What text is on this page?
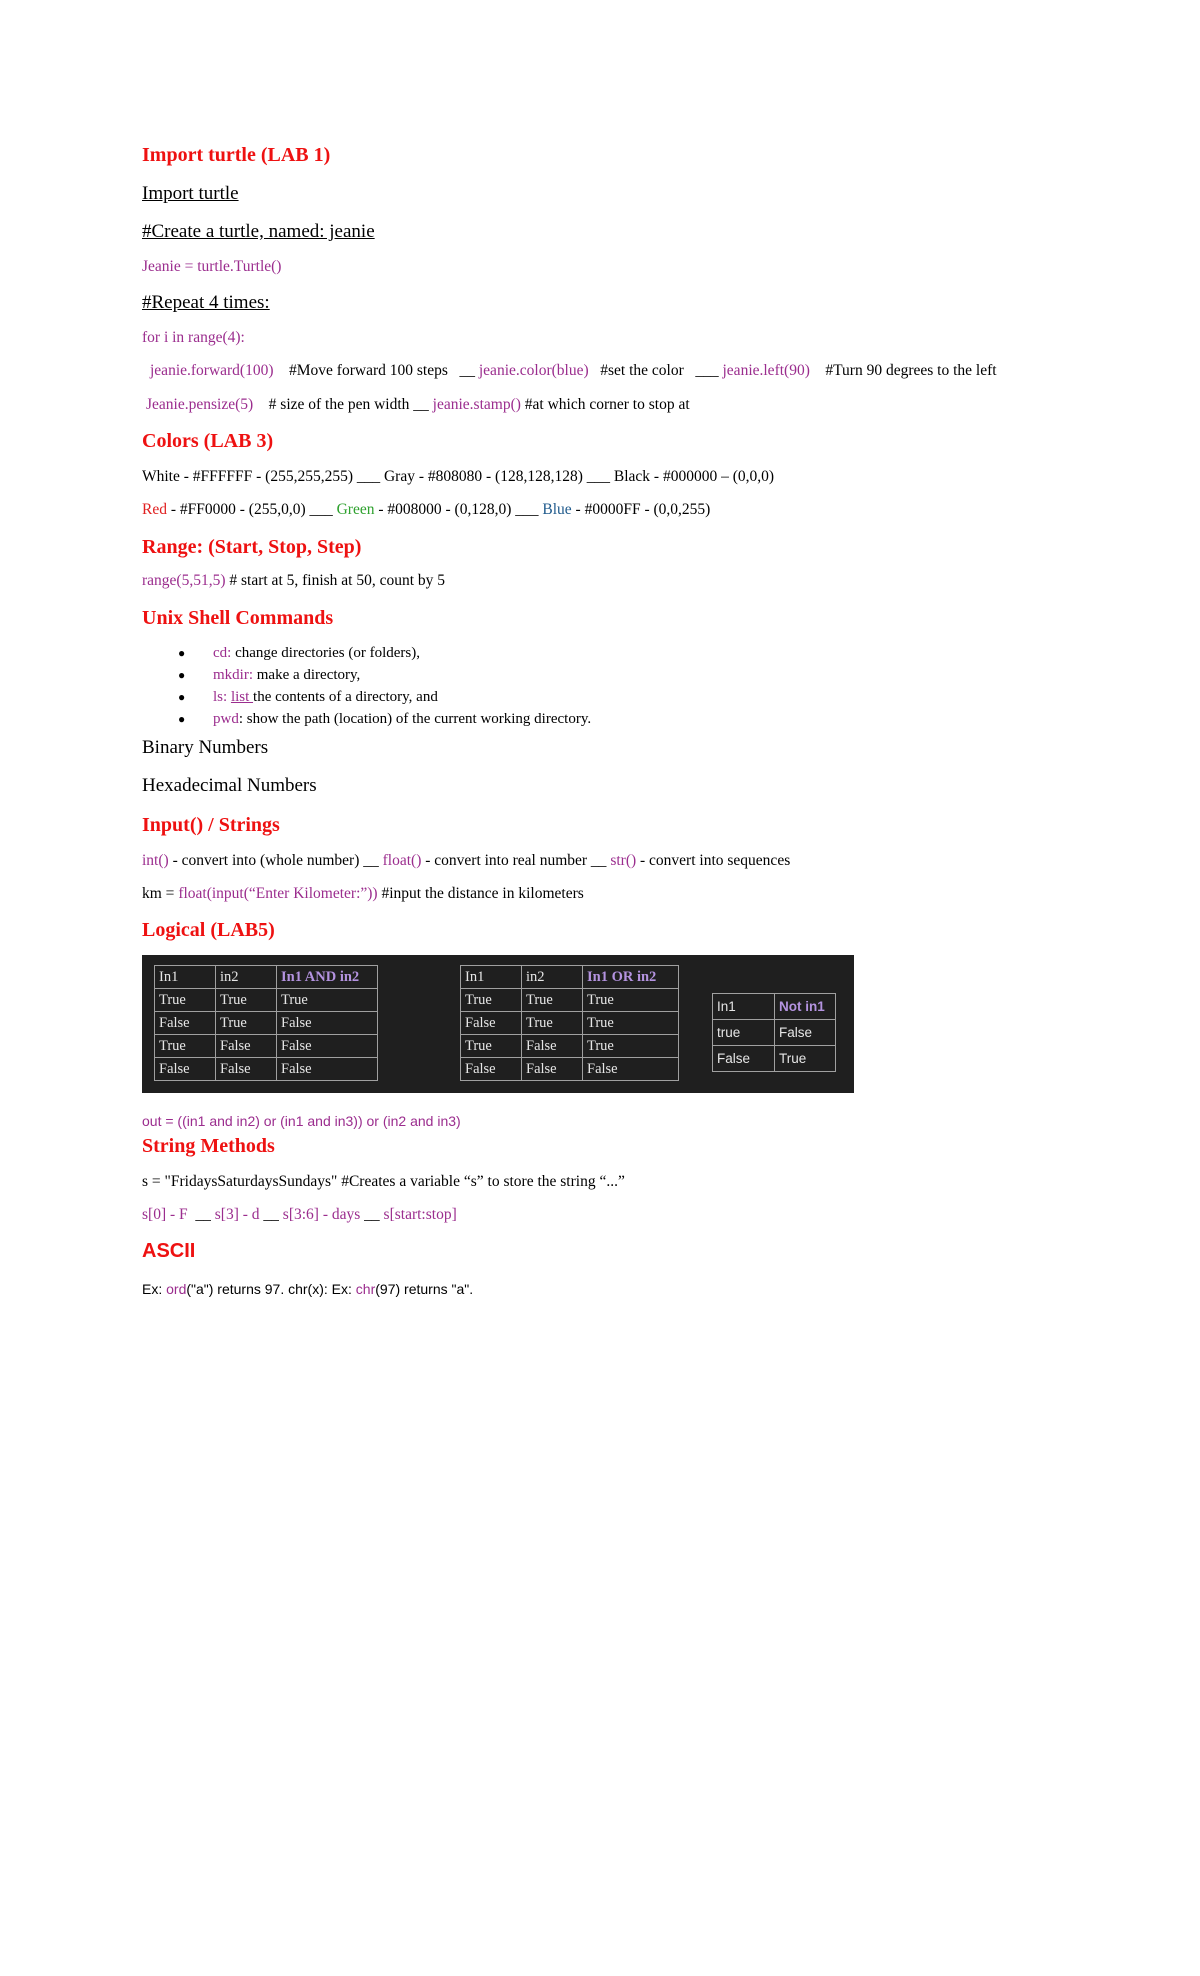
Import turtle (LAB 1)
Import turtle
#Create a turtle, named: jeanie
Jeanie = turtle.Turtle()
#Repeat 4 times:
for i in range(4):
jeanie.forward(100) #Move forward 100 steps __ jeanie.color(blue) #set the color ___ jeanie.left(90) #Turn 90 degrees to the left
Jeanie.pensize(5) # size of the pen width __ jeanie.stamp() #at which corner to stop at
Colors (LAB 3)
White - #FFFFFF - (255,255,255) ___ Gray - #808080 - (128,128,128) ___ Black - #000000 – (0,0,0)
Red - #FF0000 - (255,0,0) ___ Green - #008000 - (0,128,0) ___ Blue - #0000FF - (0,0,255)
Range: (Start, Stop, Step)
range(5,51,5) # start at 5, finish at 50, count by 5
Unix Shell Commands
● cd: change directories (or folders),
● mkdir: make a directory,
● ls: list the contents of a directory, and
● pwd: show the path (location) of the current working directory.
Binary Numbers
Hexadecimal Numbers
Input() / Strings
int() - convert into (whole number) __ float() - convert into real number __ str() - convert into sequences
km = float(input(“Enter Kilometer:”)) #input the distance in kilometers
Logical (LAB5)
In1	in2	In1 AND in2
True	True	True
False	True	False
True	False	False
False	False	False
In1	in2	In1 OR in2
True	True	True
False	True	True
True	False	True
False	False	False
In1	Not in1
true	False
False	True
out = ((in1 and in2) or (in1 and in3)) or (in2 and in3)
String Methods
s = "FridaysSaturdaysSundays" #Creates a variable “s” to store the string “...”
s[0] - F __ s[3] - d __ s[3:6] - days __ s[start:stop]
ASCII
Ex: ord("a") returns 97. chr(x): Ex: chr(97) returns "a".
